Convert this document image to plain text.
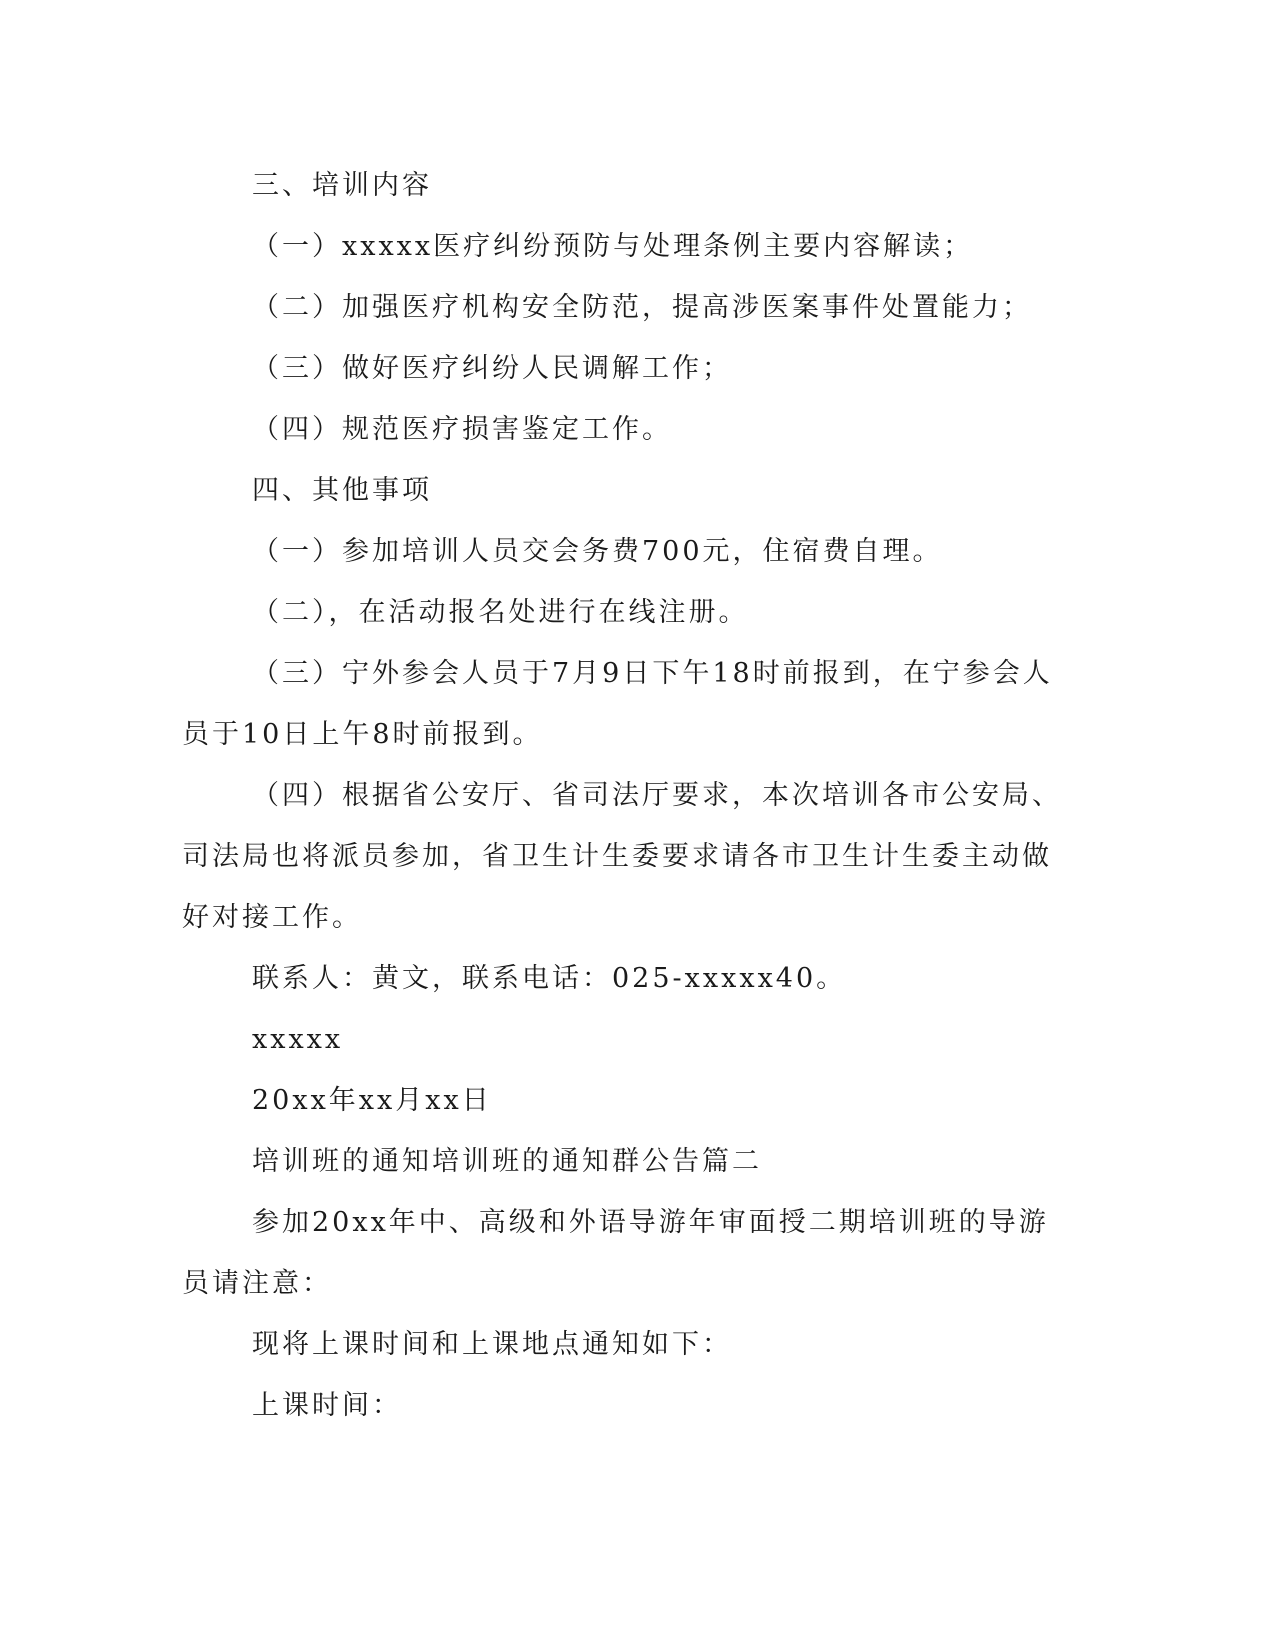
三、培训内容

（一）xxxxx医疗纠纷预防与处理条例主要内容解读；

（二）加强医疗机构安全防范，提高涉医案事件处置能力；

（三）做好医疗纠纷人民调解工作；

（四）规范医疗损害鉴定工作。

四、其他事项

（一）参加培训人员交会务费700元，住宿费自理。

（二），在活动报名处进行在线注册。

（三）宁外参会人员于7月9日下午18时前报到，在宁参会人员于10日上午8时前报到。

（四）根据省公安厅、省司法厅要求，本次培训各市公安局、司法局也将派员参加，省卫生计生委要求请各市卫生计生委主动做好对接工作。

联系人：黄文，联系电话：025-xxxxx40。

xxxxx

20xx年xx月xx日

培训班的通知培训班的通知群公告篇二

参加20xx年中、高级和外语导游年审面授二期培训班的导游员请注意：

现将上课时间和上课地点通知如下：

上课时间：
